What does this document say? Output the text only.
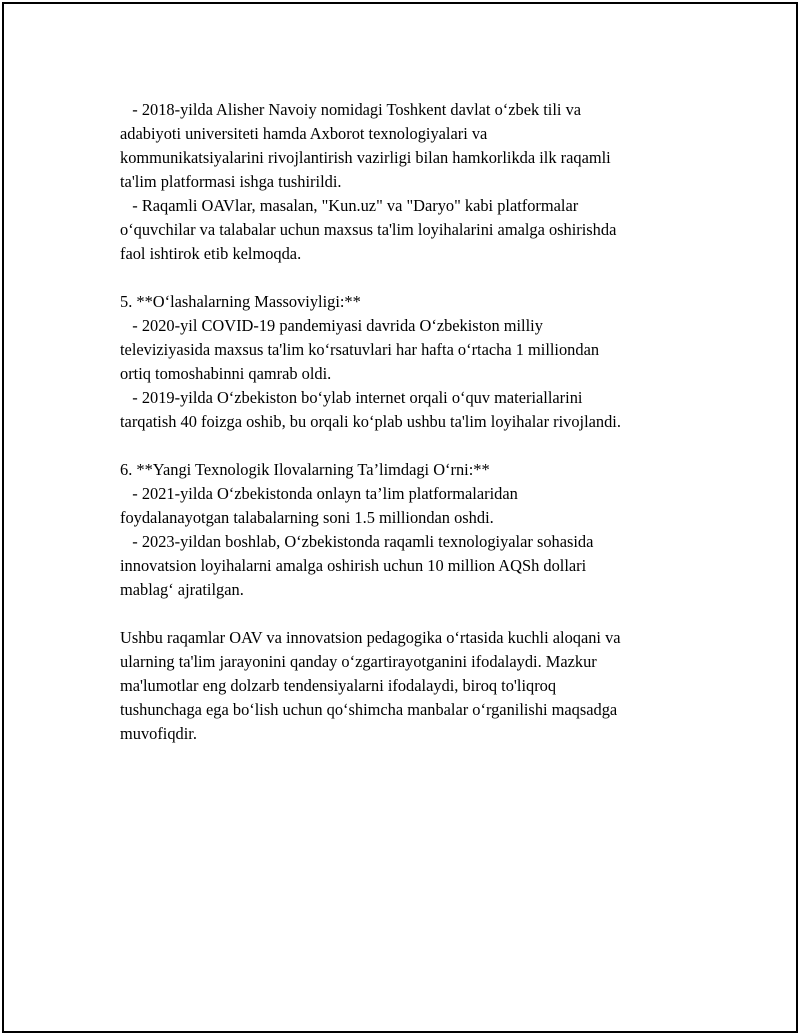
- 2018-yilda Alisher Navoiy nomidagi Toshkent davlat o‘zbek tili va
adabiyoti universiteti hamda Axborot texnologiyalari va
kommunikatsiyalarini rivojlantirish vazirligi bilan hamkorlikda ilk raqamli
ta'lim platformasi ishga tushirildi.
- Raqamli OAVlar, masalan, "Kun.uz" va "Daryo" kabi platformalar
o‘quvchilar va talabalar uchun maxsus ta'lim loyihalarini amalga oshirishda
faol ishtirok etib kelmoqda.
5. **O‘lashalarning Massoviyligi:**
- 2020-yil COVID-19 pandemiyasi davrida O‘zbekiston milliy
televiziyasida maxsus ta'lim ko‘rsatuvlari har hafta o‘rtacha 1 milliondan
ortiq tomoshabinni qamrab oldi.
- 2019-yilda O‘zbekiston bo‘ylab internet orqali o‘quv materiallarini
tarqatish 40 foizga oshib, bu orqali ko‘plab ushbu ta'lim loyihalar rivojlandi.
6. **Yangi Texnologik Ilovalarning Ta’limdagi O‘rni:**
- 2021-yilda O‘zbekistonda onlayn ta’lim platformalaridan
foydalanayotgan talabalarning soni 1.5 milliondan oshdi.
- 2023-yildan boshlab, O‘zbekistonda raqamli texnologiyalar sohasida
innovatsion loyihalarni amalga oshirish uchun 10 million AQSh dollari
mablag‘ ajratilgan.
Ushbu raqamlar OAV va innovatsion pedagogika o‘rtasida kuchli aloqani va
ularning ta'lim jarayonini qanday o‘zgartirayotganini ifodalaydi. Mazkur
ma'lumotlar eng dolzarb tendensiyalarni ifodalaydi, biroq to'liqroq
tushunchaga ega bo‘lish uchun qo‘shimcha manbalar o‘rganilishi maqsadga
muvofiqdir.
